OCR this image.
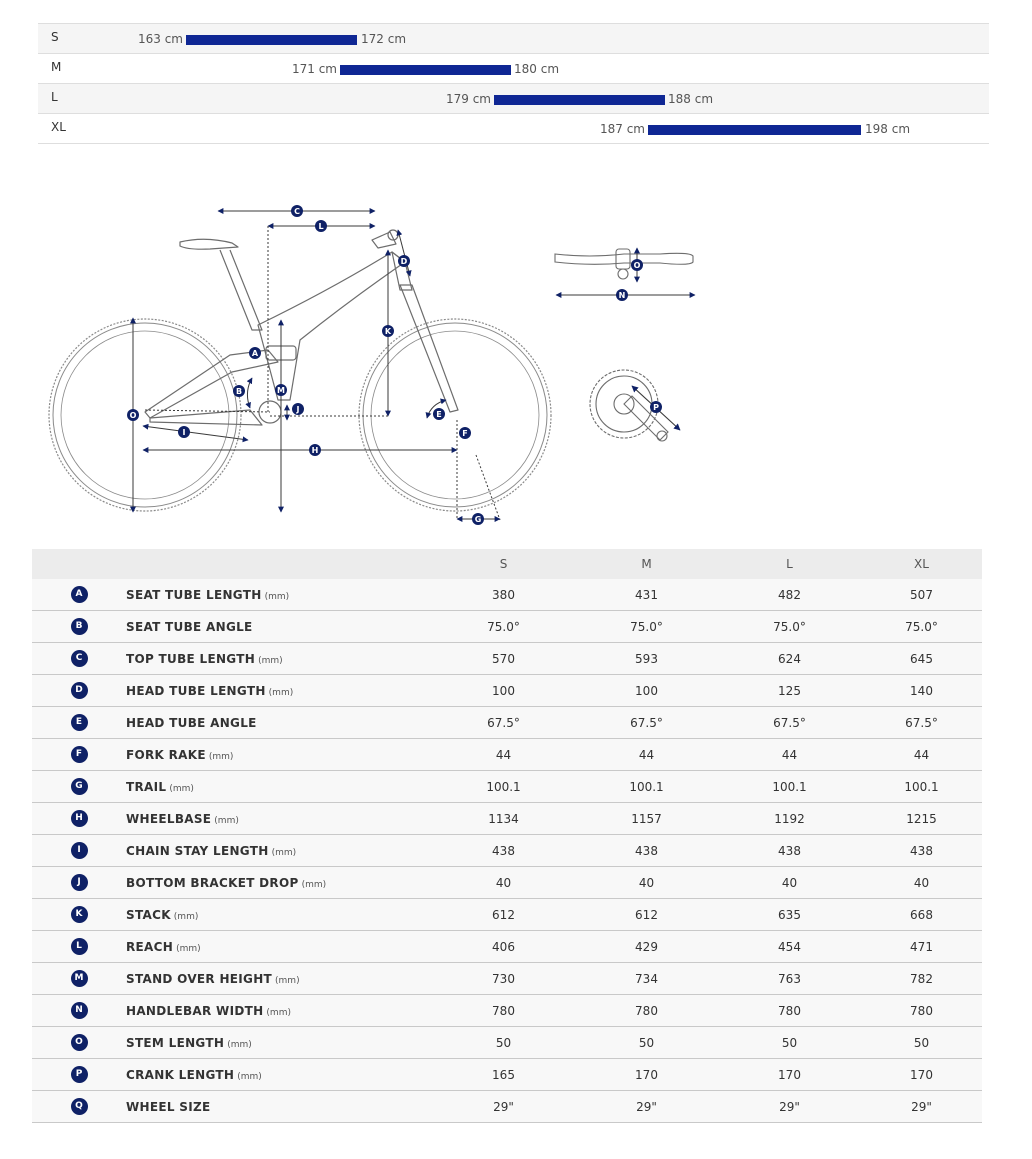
S	163 cm	172 cm
M	171 cm	180 cm
L	179 cm	188 cm
XL	187 cm	198 cm
C
L
D
K
A
B	M
J
O
I
H
E
F
G
O
N
P
		S	M	L	XL
A	SEAT TUBE LENGTH (mm)	380	431	482	507
B	SEAT TUBE ANGLE	75.0°	75.0°	75.0°	75.0°
C	TOP TUBE LENGTH (mm)	570	593	624	645
D	HEAD TUBE LENGTH (mm)	100	100	125	140
E	HEAD TUBE ANGLE	67.5°	67.5°	67.5°	67.5°
F	FORK RAKE (mm)	44	44	44	44
G	TRAIL (mm)	100.1	100.1	100.1	100.1
H	WHEELBASE (mm)	1134	1157	1192	1215
I	CHAIN STAY LENGTH (mm)	438	438	438	438
J	BOTTOM BRACKET DROP (mm)	40	40	40	40
K	STACK (mm)	612	612	635	668
L	REACH (mm)	406	429	454	471
M	STAND OVER HEIGHT (mm)	730	734	763	782
N	HANDLEBAR WIDTH (mm)	780	780	780	780
O	STEM LENGTH (mm)	50	50	50	50
P	CRANK LENGTH (mm)	165	170	170	170
Q	WHEEL SIZE	29"	29"	29"	29"
